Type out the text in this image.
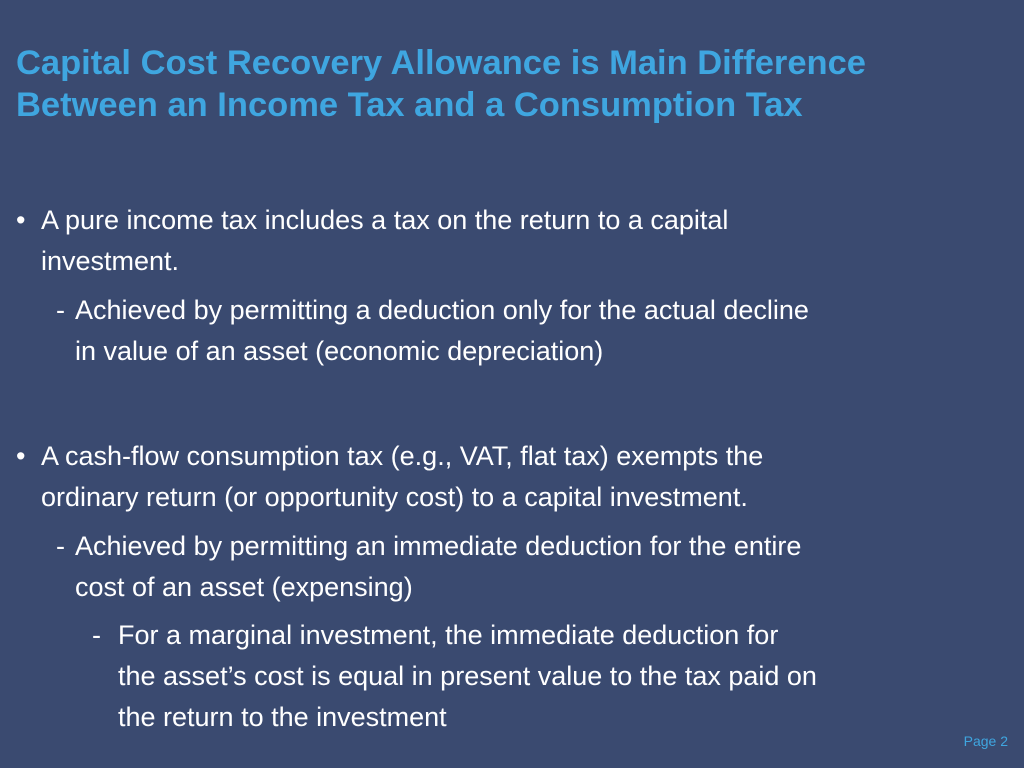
Capital Cost Recovery Allowance is Main Difference
Between an Income Tax and a Consumption Tax
• A pure income tax includes a tax on the return to a capital
investment.
- Achieved by permitting a deduction only for the actual decline
in value of an asset (economic depreciation)
• A cash-flow consumption tax (e.g., VAT, flat tax) exempts the
ordinary return (or opportunity cost) to a capital investment.
- Achieved by permitting an immediate deduction for the entire
cost of an asset (expensing)
- For a marginal investment, the immediate deduction for
the asset’s cost is equal in present value to the tax paid on
the return to the investment
Page 2
